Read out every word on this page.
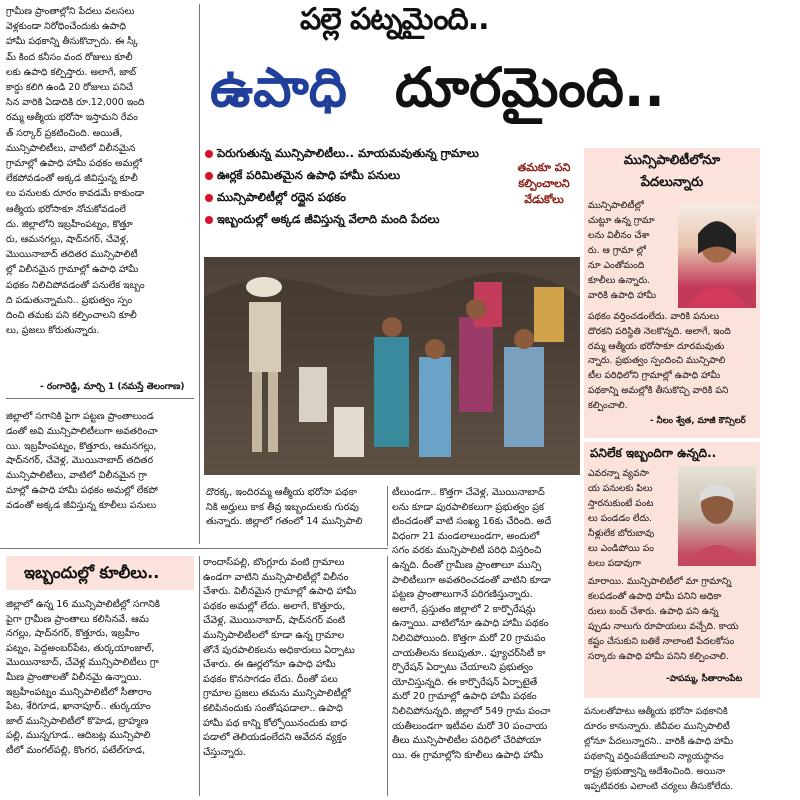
పల్లె పట్నమైంది..
ఉపాధి దూరమైంది..
గ్రామీణ ప్రాంతాల్లోని పేదలు వలసలు
వెళ్లకుండా నిరోధించేందుకు ఉపాధి
హామీ పథకాన్ని తీసుకొచ్చారు. ఈ స్కీ
మ్ కింద కనీసం వంద రోజులు కూలీ
లకు ఉపాధి కల్పిస్తారు. అలాగే, జాబ్
కార్డు కలిగి ఉండి 20 రోజులు పనిచే
సిన వారికి ఏడాదికి రూ.12,000 ఇంది
రమ్మ ఆత్మీయ భరోసా ఇస్తామని రేవం
త్ సర్కార్ ప్రకటించింది. అయితే,
మున్సిపాలిటీలు, వాటిలో విలీనమైన
గ్రామాల్లో ఉపాధి హామీ పథకం అమల్లో
లేకపోవడంతో అక్కడ జీవిస్తున్న కూలీ
లు పనులకు దూరం కావడమే కాకుండా
ఆత్మీయ భరోసాకూ నోచుకోవడంలే
దు. జిల్లాలోని ఇబ్రహీంపట్నం, కొత్తూ
రు, ఆమనగల్లు, షాద్‌నగర్, చేవెళ్ల,
మొయినాబాద్ తదితర మున్సిపాలిటీ
ల్లో విలీనమైన గ్రామాల్లో ఉపాధి హామీ
పథకం నిలిచిపోవడంతో పనులేక ఇబ్బం
ది పడుతున్నామని.. ప్రభుత్వం స్పం
దించి తమకు పని కల్పించాలని కూలీ
లు, ప్రజలు కోరుతున్నారు.
- రంగారెడ్డి, మార్చి 1 (నమస్తే తెలంగాణ)
జిల్లాలో సగానికి పైగా పట్టణ ప్రాంతాలుండ
డంతో అవి మున్సిపాలిటీలుగా అవతరించా
యి. ఇబ్రహీంపట్నం, కొత్తూరు, ఆమనగల్లు,
షాద్‌నగర్, చేవెళ్ల, మొయినాబాద్ తదితర
మున్సిపాలిటీలు, వాటిలో విలీనమైన గ్రా
మాల్లో ఉపాధి హామీ పథకం అమల్లో లేకపో
వడంతో అక్కడ జీవిస్తున్న కూలీలు పనులు
పెరుగుతున్న మున్సిపాలిటీలు.. మాయమవుతున్న గ్రామాలు
ఊర్లకే పరిమితమైన ఉపాధి హామీ పనులు
మున్సిపాలిటీల్లో రద్దైన పథకం
ఇబ్బందుల్లో అక్కడ జీవిస్తున్న వేలాది మంది పేదలు
తమకూ పని
కల్పించాలని
వేడుకోలు
దొరక్క, ఇందిరమ్మ ఆత్మీయ భరోసా పథకా
నికి అర్హులు కాక తీవ్ర ఇబ్బందులకు గురవు
తున్నారు. జిల్లాలో గతంలో 14 మున్సిపాలి
టీలుండగా.. కొత్తగా చేవెళ్ల, మొయినాబాద్
లను కూడా పురపాలికలుగా ప్రభుత్వం ప్రక
టించడంతో వాటి సంఖ్య 16కు చేరింది. అదే
విధంగా 21 మండలాలుండగా, అందులో
సగం వరకు మున్సిపాలిటీ పరిధి విస్తరించి
ఉన్నది. దీంతో గ్రామీణ ప్రాంతాలూ మున్సి
పాలిటీలుగా అవతరించడంతో వాటిని కూడా
పట్టణ ప్రాంతాలుగానే పరిగణిస్తున్నారు.
అలాగే, ప్రస్తుతం జిల్లాలో 2 కార్పొరేషన్లు
ఉన్నాయి. వాటిలోనూ ఉపాధి హామీ పథకం
నిలిచిపోయింది. కొత్తగా మరో 20 గ్రామపం
చాయతీలను కలుపుతూ.. ఫ్యూచర్‌సిటీ కా
ర్పొరేషన్ ఏర్పాటు చేయాలని ప్రభుత్వం
యోచిస్తున్నది. ఈ కార్పొరేషన్ ఏర్పాటైతే
మరో 20 గ్రామాల్లో ఉపాధి హామీ పథకం
నిలిచిపోనున్నది. జిల్లాలో 549 గ్రామ పంచా
యతీలుండగా ఇటీవల మరో 30 పంచాయ
తీలు మున్సిపాలిటీల పరిధిలో చేరిపోయా
యి. ఈ గ్రామాల్లోని కూలీలు ఉపాధి హామీ
ఇబ్బందుల్లో కూలీలు..
జిల్లాలో ఉన్న 16 మున్సిపాలిటీల్లో సగానికి
పైగా గ్రామీణ ప్రాంతాలు కలిసినవే. ఆమ
నగల్లు, షాద్‌నగర్, కొత్తూరు, ఇబ్రహీం
పట్నం, పెద్దఅంబర్‌పేట, తుర్కయాంజాల్,
మొయినాబాద్, చేవెళ్ల మున్సిపాలిటీలు గ్రా
మీణ ప్రాంతాలతో విలీనమై ఉన్నాయి.
ఇబ్రహీంపట్నం మున్సిపాలిటీలో సీతారాం
పేట, శేరిగూడ, ఖానాపూర్.. తుర్కయాం
జాల్ మున్సిపాలిటీలో కొహెడ, బ్రాహ్మణ
పల్లి, మున్నగూడ.. ఆదిబట్ల మున్సిపాలి
టీలో మంగల్‌పల్లి, కొంగర, పటేల్‌గూడ,
రాందాస్‌పల్లి, బొంగ్లూరు వంటి గ్రామాలు
ఉండగా వాటిని మున్సిపాలిటీల్లో విలీనం
చేశారు. విలీనమైన గ్రామాల్లో ఉపాధి హామీ
పథకం అమల్లో లేదు. అలాగే, కొత్తూరు,
చేవెళ్ల, మొయినాబాద్, షాద్‌నగర్ వంటి
మున్సిపాలిటీలలో కూడా ఉన్న గ్రామాల
తోనే పురపాలికలను అధికారులు ఏర్పాటు
చేశారు. ఈ ఊర్లలోనూ ఉపాధి హామీ
పథకం కొనసాగడం లేదు. దీంతో పలు
గ్రామాల ప్రజలు తమను మున్సిపాలిటీల్లో
కలిపినందుకు సంతోషపడాలా.. ఉపాధి
హామీ పథ కాన్ని కోల్పోయినందుకు బాధ
పడాలో తెలియడంలేదని ఆవేదన వ్యక్తం
చేస్తున్నారు.
మున్సిపాలిటీలోనూ
పేదలున్నారు
మున్సిపాలిటీల్లో
చుట్టూ ఉన్న గ్రామా
లను విలీనం చేశా
రు. ఆ గ్రామా ల్లో
నూ ఎంతోమంది
కూలీలు ఉన్నారు.
వారికి ఉపాధి హామీ
పథకం వర్తించడంలేదు. వారికి పనులు
దొరకని పరిస్థితి నెలకొన్నది. అలాగే, ఇంది
రమ్మ ఆత్మీయ భరోసాకూ దూరమవుతు
న్నారు. ప్రభుత్వం స్పందించి మున్సిపాలి
టీల పరిధిలోని గ్రామాల్లో ఉపాధి హామీ
పథకాన్ని అమల్లోకి తీసుకొచ్చి వారికి పని
కల్పించాలి.
- నీలం శ్వేత, మాజీ కౌన్సిలర్
పనిలేక ఇబ్బందిగా ఉన్నది..
ఎవరన్నా వ్యవసా
య పనులకు పిలు
స్తారనుకుంటే పంట
లు పండడం లేదు.
నీళ్లులేక బోరుబావు
లు ఎండిపోయి పం
టలు పడావుగా
మారాయి. మున్సిపాలిటీలో మా గ్రామాన్ని
కలపడంతో ఉపాధి హామీ పనిని అధికా
రులు బంద్ చేశారు. ఉపాధి పని ఉన్న
ప్పుడు నాలుగు రూపాయలు వచ్చేది. కాయ
కష్టం చేసుకుని బతికే నాలాంటి పేదలకోసం
సర్కారు ఉపాధి హామీ పనిని కల్పించాలి.
-పాపమ్మ, సీతారాంపేట
పనులతోపాటు ఆత్మీయ భరోసా పథకానికి
దూరం కానున్నారు. జీవీవల మున్సిపాలిటీ
ల్లోనూ పేదలున్నారని.. వారికీ ఉపాధి హామీ
పథకాన్ని వర్తింపజేయాలని న్యాయస్థానం
రాష్ట్ర ప్రభుత్వాన్ని ఆదేశించింది. అయినా
ఇప్పటివరకు ఎలాంటి చర్యలు తీసుకోలేదు.
